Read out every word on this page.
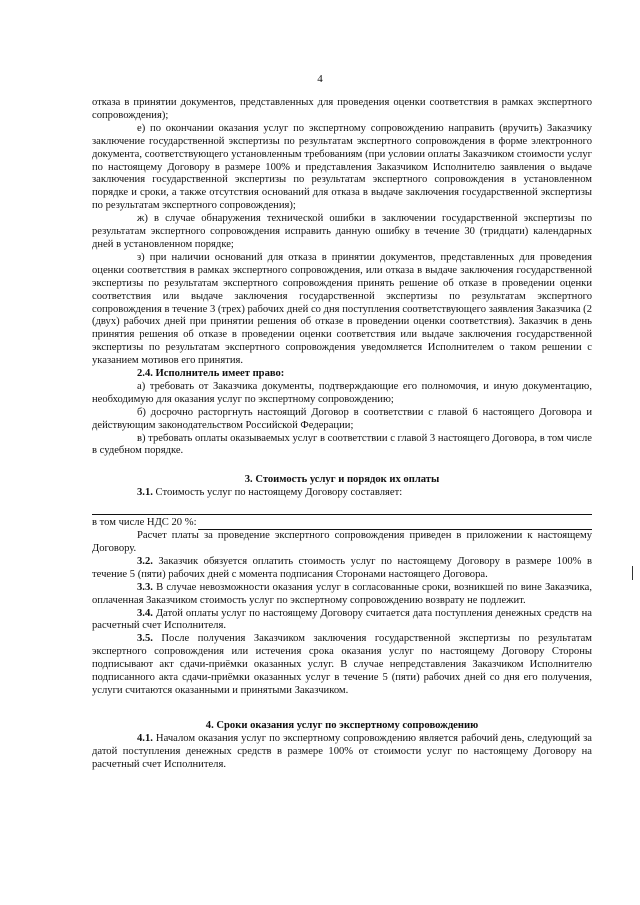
4

отказа в принятии документов, представленных для проведения оценки соответствия в рамках экспертного сопровождения);

е) по окончании оказания услуг по экспертному сопровождению направить (вручить) Заказчику заключение государственной экспертизы по результатам экспертного сопровождения в форме электронного документа, соответствующего установленным требованиям (при условии оплаты Заказчиком стоимости услуг по настоящему Договору в размере 100% и представления Заказчиком Исполнителю заявления о выдаче заключения государственной экспертизы по результатам экспертного сопровождения в установленном порядке и сроки, а также отсутствия оснований для отказа в выдаче заключения государственной экспертизы по результатам экспертного сопровождения);

ж) в случае обнаружения технической ошибки в заключении государственной экспертизы по результатам экспертного сопровождения исправить данную ошибку в течение 30 (тридцати) календарных дней в установленном порядке;

з) при наличии оснований для отказа в принятии документов, представленных для проведения оценки соответствия в рамках экспертного сопровождения, или отказа в выдаче заключения государственной экспертизы по результатам экспертного сопровождения принять решение об отказе в проведении оценки соответствия или выдаче заключения государственной экспертизы по результатам экспертного сопровождения в течение 3 (трех) рабочих дней со дня поступления соответствующего заявления Заказчика (2 (двух) рабочих дней при принятии решения об отказе в проведении оценки соответствия). Заказчик в день принятия решения об отказе в проведении оценки соответствия или выдаче заключения государственной экспертизы по результатам экспертного сопровождения уведомляется Исполнителем о таком решении с указанием мотивов его принятия.

2.4. Исполнитель имеет право:

а) требовать от Заказчика документы, подтверждающие его полномочия, и иную документацию, необходимую для оказания услуг по экспертному сопровождению;

б) досрочно расторгнуть настоящий Договор в соответствии с главой 6 настоящего Договора и действующим законодательством Российской Федерации;

в) требовать оплаты оказываемых услуг в соответствии с главой 3 настоящего Договора, в том числе в судебном порядке.

3. Стоимость услуг и порядок их оплаты

3.1. Стоимость услуг по настоящему Договору составляет:

в том числе НДС 20 %:

Расчет платы за проведение экспертного сопровождения приведен в приложении к настоящему Договору.

3.2. Заказчик обязуется оплатить стоимость услуг по настоящему Договору в размере 100% в течение 5 (пяти) рабочих дней с момента подписания Сторонами настоящего Договора.

3.3. В случае невозможности оказания услуг в согласованные сроки, возникшей по вине Заказчика, оплаченная Заказчиком стоимость услуг по экспертному сопровождению возврату не подлежит.

3.4. Датой оплаты услуг по настоящему Договору считается дата поступления денежных средств на расчетный счет Исполнителя.

3.5. После получения Заказчиком заключения государственной экспертизы по результатам экспертного сопровождения или истечения срока оказания услуг по настоящему Договору Стороны подписывают акт сдачи-приёмки оказанных услуг. В случае непредставления Заказчиком Исполнителю подписанного акта сдачи-приёмки оказанных услуг в течение 5 (пяти) рабочих дней со дня его получения, услуги считаются оказанными и принятыми Заказчиком.

4. Сроки оказания услуг по экспертному сопровождению

4.1. Началом оказания услуг по экспертному сопровождению является рабочий день, следующий за датой поступления денежных средств в размере 100% от стоимости услуг по настоящему Договору на расчетный счет Исполнителя.
